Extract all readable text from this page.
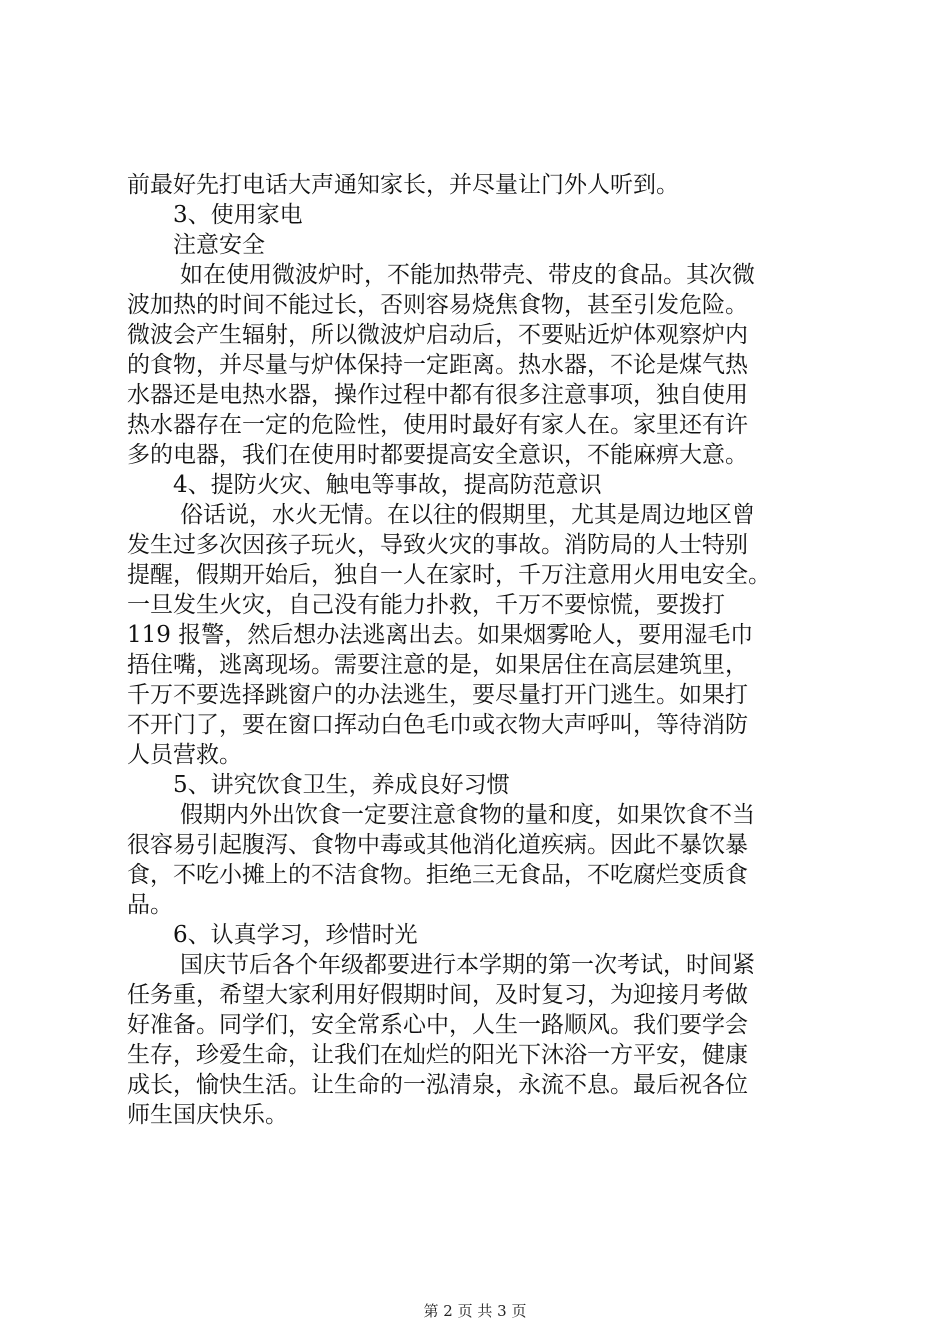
前最好先打电话大声通知家长，并尽量让门外人听到。
3、使用家电
注意安全
如在使用微波炉时，不能加热带壳、带皮的食品。其次微
波加热的时间不能过长，否则容易烧焦食物，甚至引发危险。
微波会产生辐射，所以微波炉启动后，不要贴近炉体观察炉内
的食物，并尽量与炉体保持一定距离。热水器，不论是煤气热
水器还是电热水器，操作过程中都有很多注意事项，独自使用
热水器存在一定的危险性，使用时最好有家人在。家里还有许
多的电器，我们在使用时都要提高安全意识，不能麻痹大意。
4、提防火灾、触电等事故，提高防范意识
俗话说，水火无情。在以往的假期里，尤其是周边地区曾
发生过多次因孩子玩火，导致火灾的事故。消防局的人士特别
提醒，假期开始后，独自一人在家时，千万注意用火用电安全。
一旦发生火灾，自己没有能力扑救，千万不要惊慌，要拨打
119 报警，然后想办法逃离出去。如果烟雾呛人，要用湿毛巾
捂住嘴，逃离现场。需要注意的是，如果居住在高层建筑里，
千万不要选择跳窗户的办法逃生，要尽量打开门逃生。如果打
不开门了，要在窗口挥动白色毛巾或衣物大声呼叫，等待消防
人员营救。
5、讲究饮食卫生，养成良好习惯
假期内外出饮食一定要注意食物的量和度，如果饮食不当
很容易引起腹泻、食物中毒或其他消化道疾病。因此不暴饮暴
食，不吃小摊上的不洁食物。拒绝三无食品，不吃腐烂变质食
品。
6、认真学习，珍惜时光
国庆节后各个年级都要进行本学期的第一次考试，时间紧
任务重，希望大家利用好假期时间，及时复习，为迎接月考做
好准备。同学们，安全常系心中，人生一路顺风。我们要学会
生存，珍爱生命，让我们在灿烂的阳光下沐浴一方平安，健康
成长，愉快生活。让生命的一泓清泉，永流不息。最后祝各位
师生国庆快乐。
第 2 页 共 3 页
